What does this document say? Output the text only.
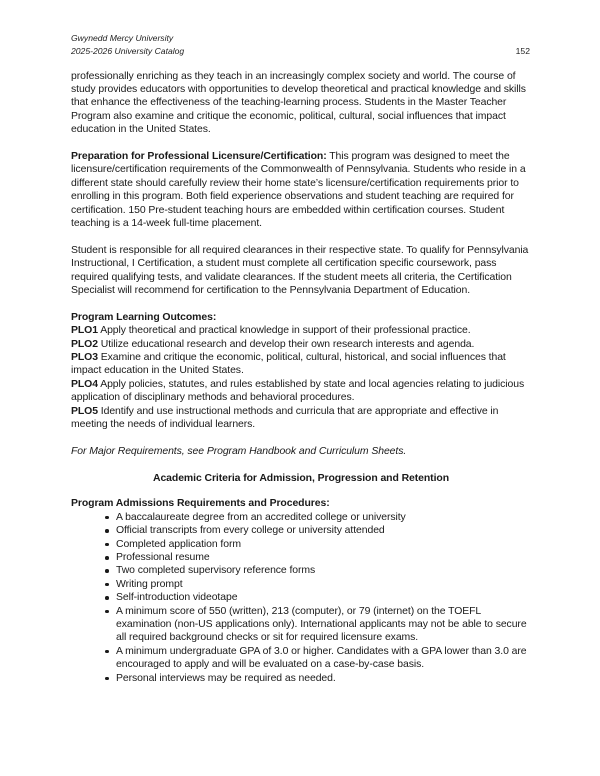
Gwynedd Mercy University
2025-2026 University Catalog	152

professionally enriching as they teach in an increasingly complex society and world. The course of study provides educators with opportunities to develop theoretical and practical knowledge and skills that enhance the effectiveness of the teaching-learning process. Students in the Master Teacher Program also examine and critique the economic, political, cultural, social influences that impact education in the United States.

Preparation for Professional Licensure/Certification: This program was designed to meet the licensure/certification requirements of the Commonwealth of Pennsylvania. Students who reside in a different state should carefully review their home state’s licensure/certification requirements prior to enrolling in this program. Both field experience observations and student teaching are required for certification. 150 Pre-student teaching hours are embedded within certification courses. Student teaching is a 14-week full-time placement.

Student is responsible for all required clearances in their respective state. To qualify for Pennsylvania Instructional, I Certification, a student must complete all certification specific coursework, pass required qualifying tests, and validate clearances. If the student meets all criteria, the Certification Specialist will recommend for certification to the Pennsylvania Department of Education.

Program Learning Outcomes:
PLO1 Apply theoretical and practical knowledge in support of their professional practice.
PLO2 Utilize educational research and develop their own research interests and agenda.
PLO3 Examine and critique the economic, political, cultural, historical, and social influences that impact education in the United States.
PLO4 Apply policies, statutes, and rules established by state and local agencies relating to judicious application of disciplinary methods and behavioral procedures.
PLO5 Identify and use instructional methods and curricula that are appropriate and effective in meeting the needs of individual learners.

For Major Requirements, see Program Handbook and Curriculum Sheets.

Academic Criteria for Admission, Progression and Retention
Program Admissions Requirements and Procedures:
A baccalaureate degree from an accredited college or university
Official transcripts from every college or university attended
Completed application form
Professional resume
Two completed supervisory reference forms
Writing prompt
Self-introduction videotape
A minimum score of 550 (written), 213 (computer), or 79 (internet) on the TOEFL examination (non-US applications only). International applicants may not be able to secure all required background checks or sit for required licensure exams.
A minimum undergraduate GPA of 3.0 or higher. Candidates with a GPA lower than 3.0 are encouraged to apply and will be evaluated on a case-by-case basis.
Personal interviews may be required as needed.
